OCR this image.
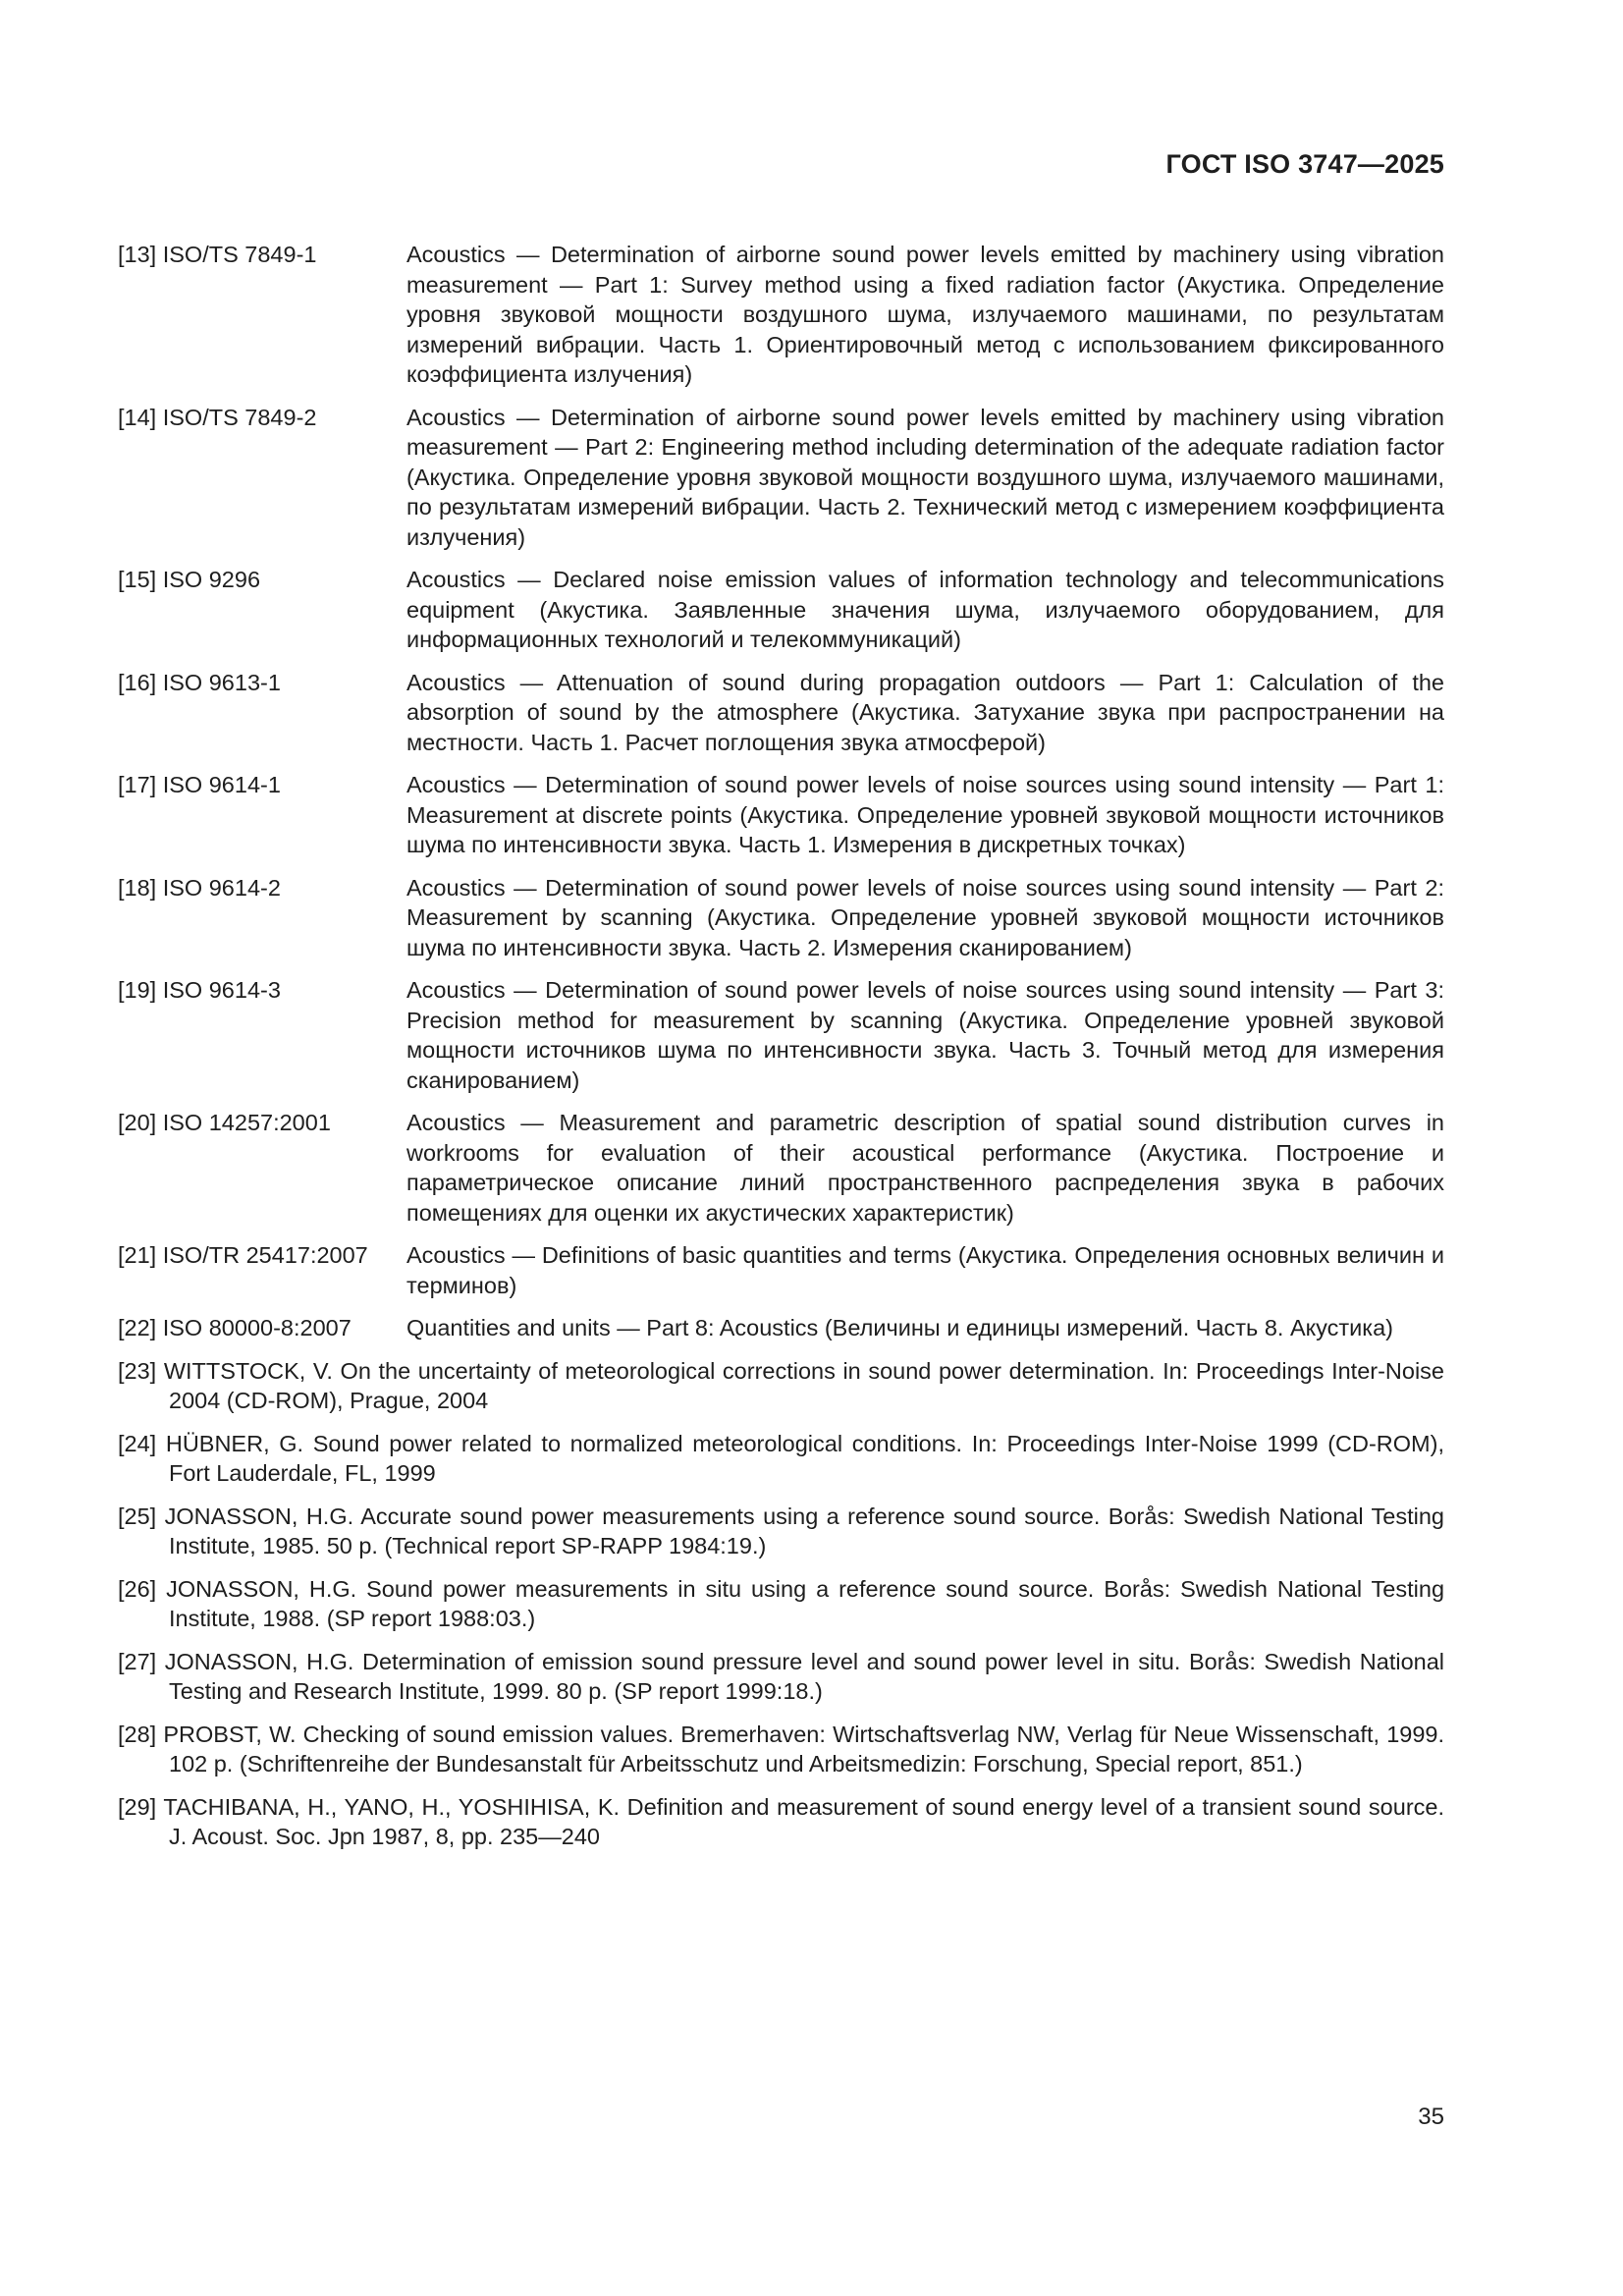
ГОСТ ISO 3747—2025
[13] ISO/TS 7849-1	Acoustics — Determination of airborne sound power levels emitted by machinery using vibration measurement — Part 1: Survey method using a fixed radiation factor (Акустика. Определение уровня звуковой мощности воздушного шума, излучаемого машинами, по результатам измерений вибрации. Часть 1. Ориентировочный метод с использованием фиксированного коэффициента излучения)
[14] ISO/TS 7849-2	Acoustics — Determination of airborne sound power levels emitted by machinery using vibration measurement — Part 2: Engineering method including determination of the adequate radiation factor (Акустика. Определение уровня звуковой мощности воздушного шума, излучаемого машинами, по результатам измерений вибрации. Часть 2. Технический метод с измерением коэффициента излучения)
[15] ISO 9296	Acoustics — Declared noise emission values of information technology and telecommunications equipment (Акустика. Заявленные значения шума, излучаемого оборудованием, для информационных технологий и телекоммуникаций)
[16] ISO 9613-1	Acoustics — Attenuation of sound during propagation outdoors — Part 1: Calculation of the absorption of sound by the atmosphere (Акустика. Затухание звука при распространении на местности. Часть 1. Расчет поглощения звука атмосферой)
[17] ISO 9614-1	Acoustics — Determination of sound power levels of noise sources using sound intensity — Part 1: Measurement at discrete points (Акустика. Определение уровней звуковой мощности источников шума по интенсивности звука. Часть 1. Измерения в дискретных точках)
[18] ISO 9614-2	Acoustics — Determination of sound power levels of noise sources using sound intensity — Part 2: Measurement by scanning (Акустика. Определение уровней звуковой мощности источников шума по интенсивности звука. Часть 2. Измерения сканированием)
[19] ISO 9614-3	Acoustics — Determination of sound power levels of noise sources using sound intensity — Part 3: Precision method for measurement by scanning (Акустика. Определение уровней звуковой мощности источников шума по интенсивности звука. Часть 3. Точный метод для измерения сканированием)
[20] ISO 14257:2001	Acoustics — Measurement and parametric description of spatial sound distribution curves in workrooms for evaluation of their acoustical performance (Акустика. Построение и параметрическое описание линий пространственного распределения звука в рабочих помещениях для оценки их акустических характеристик)
[21] ISO/TR 25417:2007	Acoustics — Definitions of basic quantities and terms (Акустика. Определения основных величин и терминов)
[22] ISO 80000-8:2007	Quantities and units — Part 8: Acoustics (Величины и единицы измерений. Часть 8. Акустика)
[23] WITTSTOCK, V. On the uncertainty of meteorological corrections in sound power determination. In: Proceedings Inter-Noise 2004 (CD-ROM), Prague, 2004
[24] HÜBNER, G. Sound power related to normalized meteorological conditions. In: Proceedings Inter-Noise 1999 (CD-ROM), Fort Lauderdale, FL, 1999
[25] JONASSON, H.G. Accurate sound power measurements using a reference sound source. Borås: Swedish National Testing Institute, 1985. 50 p. (Technical report SP-RAPP 1984:19.)
[26] JONASSON, H.G. Sound power measurements in situ using a reference sound source. Borås: Swedish National Testing Institute, 1988. (SP report 1988:03.)
[27] JONASSON, H.G. Determination of emission sound pressure level and sound power level in situ. Borås: Swedish National Testing and Research Institute, 1999. 80 p. (SP report 1999:18.)
[28] PROBST, W. Checking of sound emission values. Bremerhaven: Wirtschaftsverlag NW, Verlag für Neue Wissenschaft, 1999. 102 p. (Schriftenreihe der Bundesanstalt für Arbeitsschutz und Arbeitsmedizin: Forschung, Special report, 851.)
[29] TACHIBANA, H., YANO, H., YOSHIHISA, K. Definition and measurement of sound energy level of a transient sound source. J. Acoust. Soc. Jpn 1987, 8, pp. 235—240
35
